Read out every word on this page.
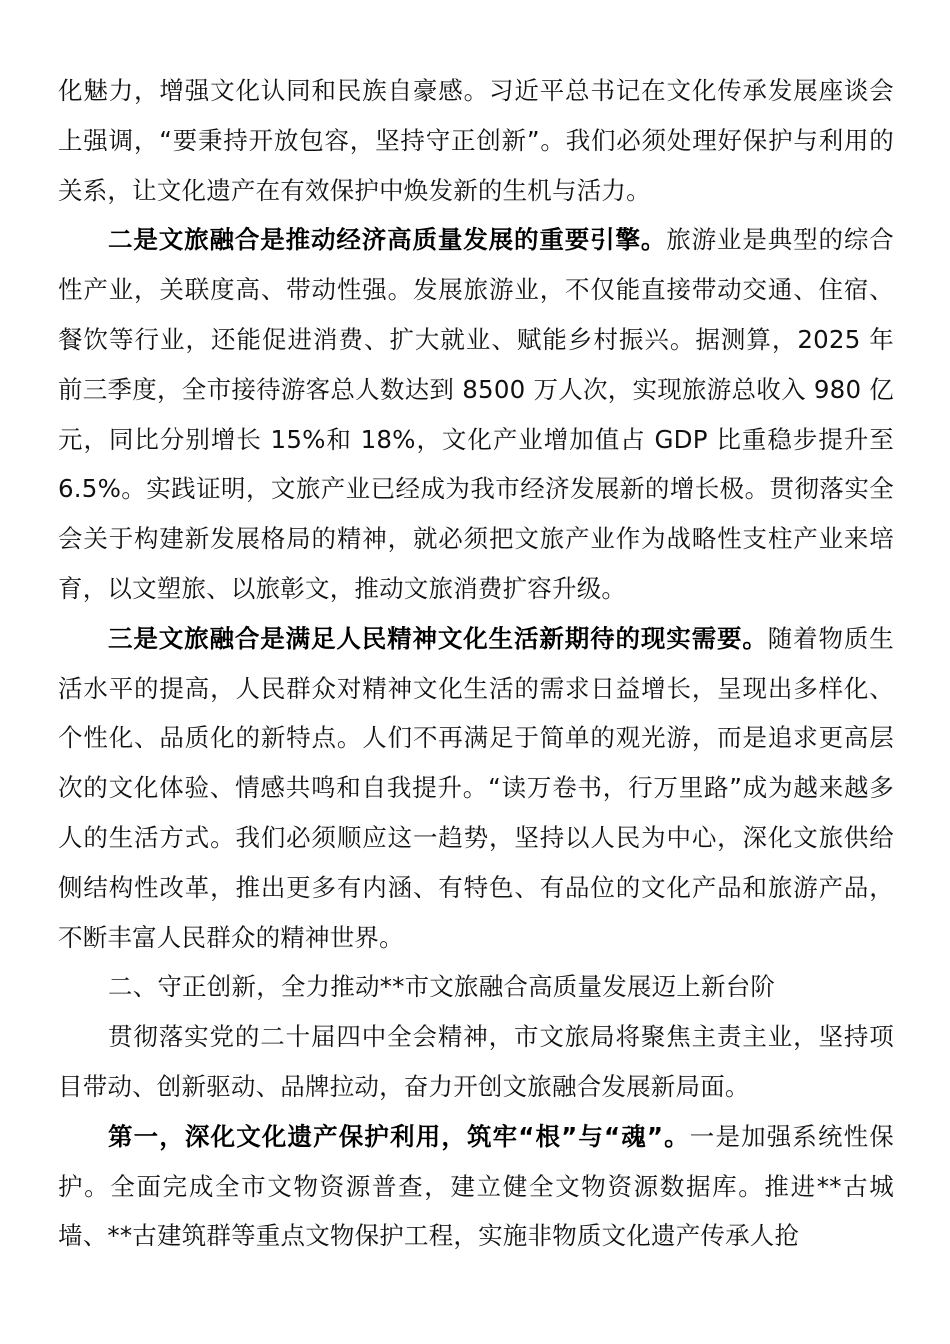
化魅力，增强文化认同和民族自豪感。习近平总书记在文化传承发展座谈会上强调，“要秉持开放包容，坚持守正创新”。我们必须处理好保护与利用的关系，让文化遗产在有效保护中焕发新的生机与活力。

二是文旅融合是推动经济高质量发展的重要引擎。旅游业是典型的综合性产业，关联度高、带动性强。发展旅游业，不仅能直接带动交通、住宿、餐饮等行业，还能促进消费、扩大就业、赋能乡村振兴。据测算，2025 年前三季度，全市接待游客总人数达到 8500 万人次，实现旅游总收入 980 亿元，同比分别增长 15%和 18%，文化产业增加值占 GDP 比重稳步提升至 6.5%。实践证明，文旅产业已经成为我市经济发展新的增长极。贯彻落实全会关于构建新发展格局的精神，就必须把文旅产业作为战略性支柱产业来培育，以文塑旅、以旅彰文，推动文旅消费扩容升级。

三是文旅融合是满足人民精神文化生活新期待的现实需要。随着物质生活水平的提高，人民群众对精神文化生活的需求日益增长，呈现出多样化、个性化、品质化的新特点。人们不再满足于简单的观光游，而是追求更高层次的文化体验、情感共鸣和自我提升。“读万卷书，行万里路”成为越来越多人的生活方式。我们必须顺应这一趋势，坚持以人民为中心，深化文旅供给侧结构性改革，推出更多有内涵、有特色、有品位的文化产品和旅游产品，不断丰富人民群众的精神世界。

二、守正创新，全力推动**市文旅融合高质量发展迈上新台阶

贯彻落实党的二十届四中全会精神，市文旅局将聚焦主责主业，坚持项目带动、创新驱动、品牌拉动，奋力开创文旅融合发展新局面。

第一，深化文化遗产保护利用，筑牢“根”与“魂”。一是加强系统性保护。全面完成全市文物资源普查，建立健全文物资源数据库。推进**古城墙、**古建筑群等重点文物保护工程，实施非物质文化遗产传承人抢
